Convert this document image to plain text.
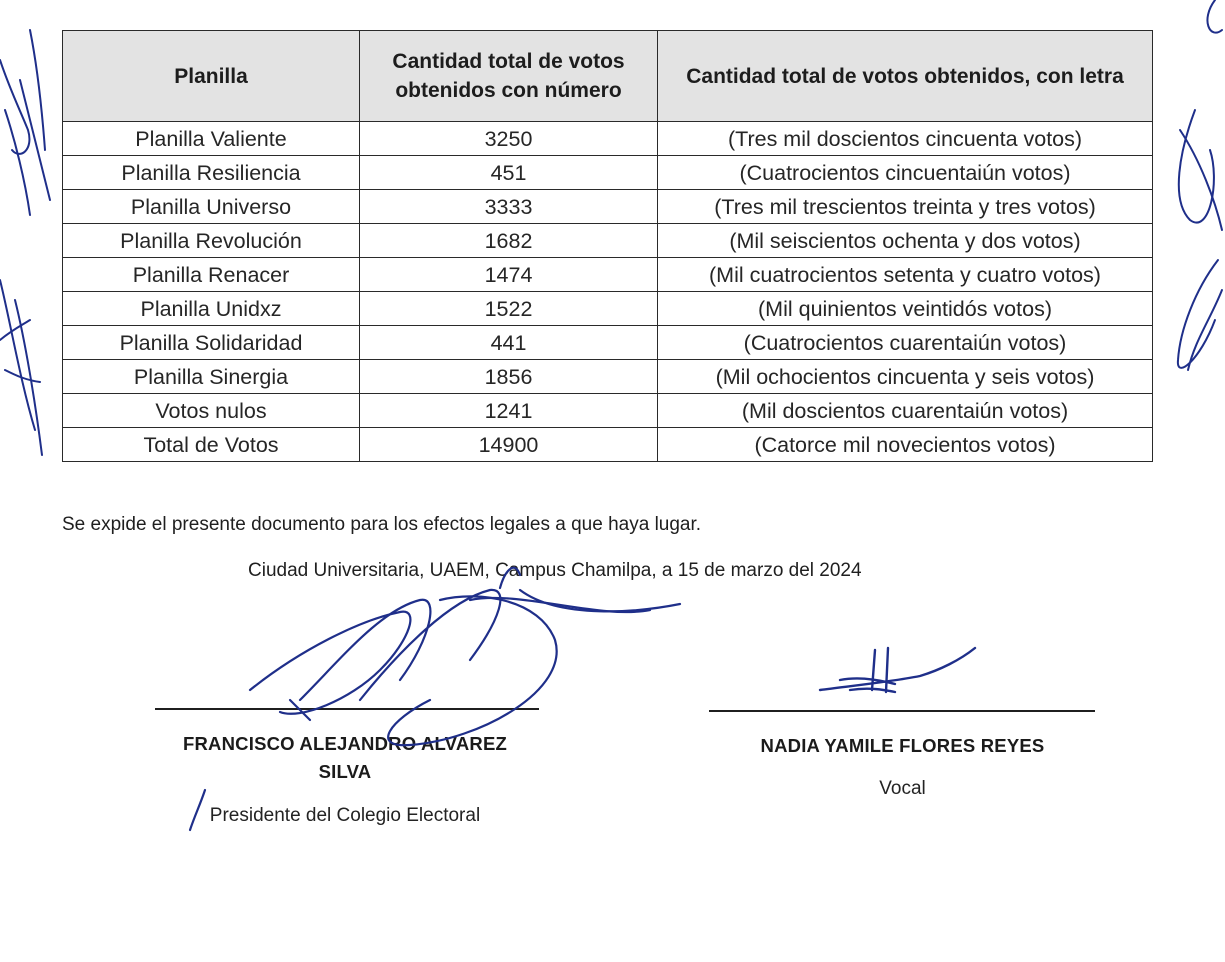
Planilla	Cantidad total de votos obtenidos con número	Cantidad total de votos obtenidos, con letra
Planilla Valiente	3250	(Tres mil doscientos cincuenta votos)
Planilla Resiliencia	451	(Cuatrocientos cincuentaiún votos)
Planilla Universo	3333	(Tres mil trescientos treinta y tres votos)
Planilla Revolución	1682	(Mil seiscientos ochenta y dos votos)
Planilla Renacer	1474	(Mil cuatrocientos setenta y cuatro votos)
Planilla Unidxz	1522	(Mil quinientos veintidós votos)
Planilla Solidaridad	441	(Cuatrocientos cuarentaiún votos)
Planilla Sinergia	1856	(Mil ochocientos cincuenta y seis votos)
Votos nulos	1241	(Mil doscientos cuarentaiún votos)
Total de Votos	14900	(Catorce mil novecientos votos)
Se expide el presente documento para los efectos legales a que haya lugar.
Ciudad Universitaria, UAEM, Campus Chamilpa, a 15 de marzo del 2024
FRANCISCO ALEJANDRO ALVAREZ
SILVA
Presidente del Colegio Electoral
NADIA YAMILE FLORES REYES
Vocal
